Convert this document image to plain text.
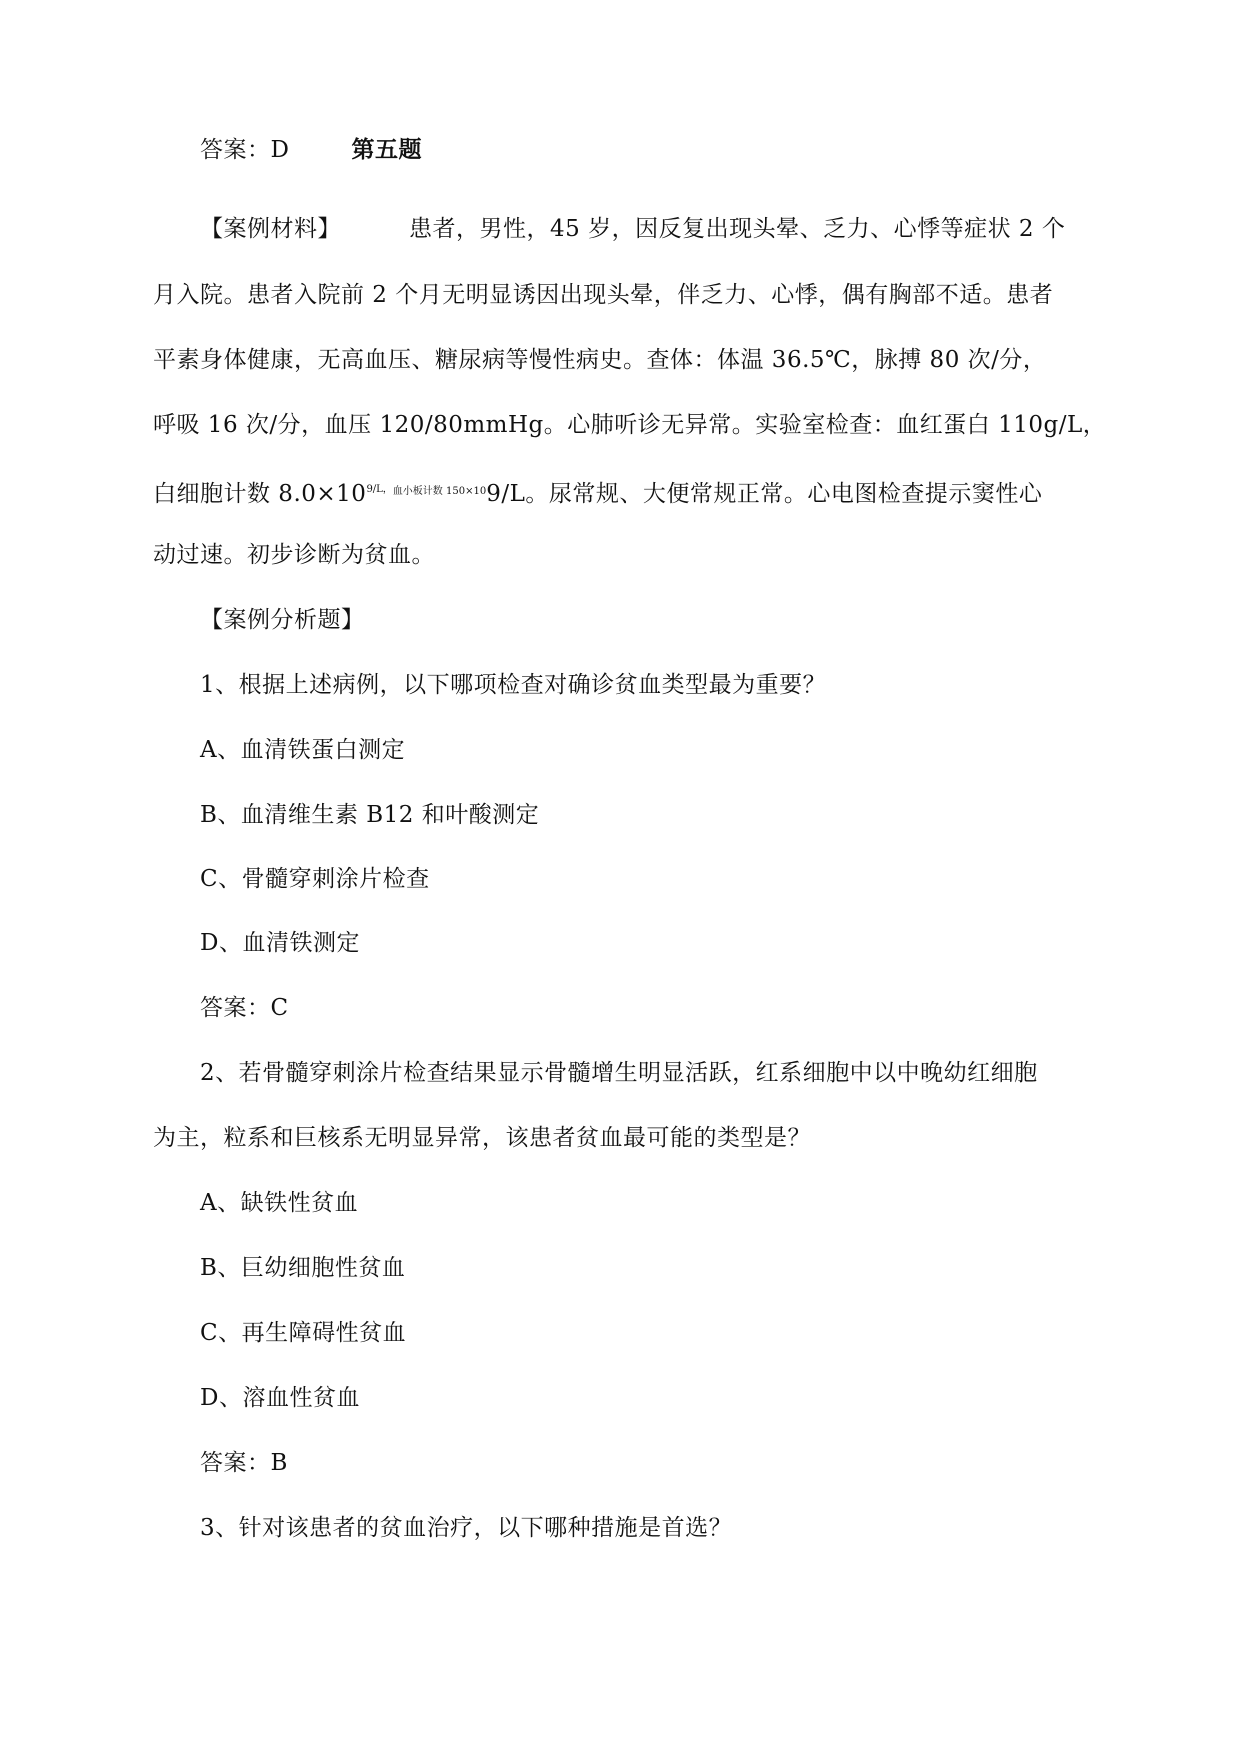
答案：D	第五题
【案例材料】	患者，男性，45 岁，因反复出现头晕、乏力、心悸等症状 2 个
月入院。患者入院前 2 个月无明显诱因出现头晕，伴乏力、心悸，偶有胸部不适。患者
平素身体健康，无高血压、糖尿病等慢性病史。查体：体温 36.5℃，脉搏 80 次/分，
呼吸 16 次/分，血压 120/80mmHg。心肺听诊无异常。实验室检查：血红蛋白 110g/L，
白细胞计数 $8.0\times 10^{9/L,血小板计数 150\times 10}9/L$。尿常规、大便常规正常。心电图检查提示窦性心
动过速。初步诊断为贫血。
【案例分析题】
1、根据上述病例，以下哪项检查对确诊贫血类型最为重要？
A、血清铁蛋白测定
B、血清维生素 B12 和叶酸测定
C、骨髓穿刺涂片检查
D、血清铁测定
答案：C
2、若骨髓穿刺涂片检查结果显示骨髓增生明显活跃，红系细胞中以中晚幼红细胞
为主，粒系和巨核系无明显异常，该患者贫血最可能的类型是？
A、缺铁性贫血
B、巨幼细胞性贫血
C、再生障碍性贫血
D、溶血性贫血
答案：B
3、针对该患者的贫血治疗，以下哪种措施是首选？
